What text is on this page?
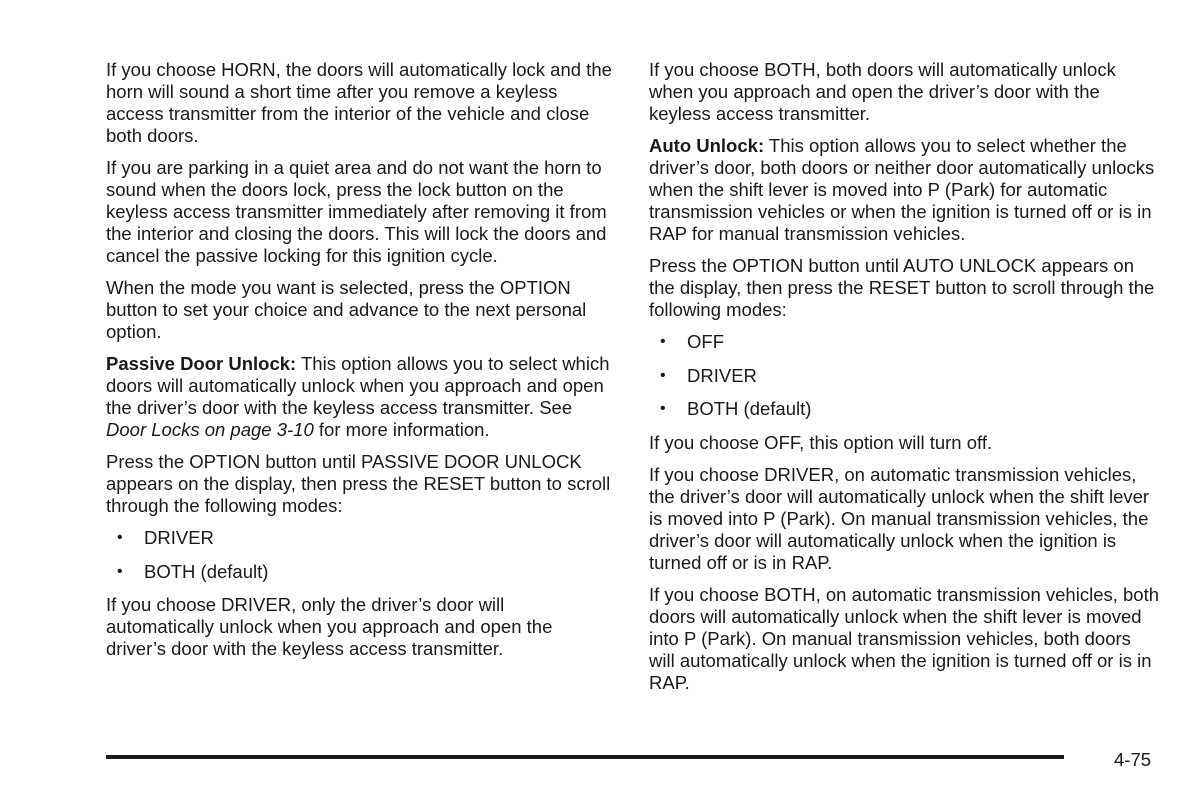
If you choose HORN, the doors will automatically lock and the horn will sound a short time after you remove a keyless access transmitter from the interior of the vehicle and close both doors.

If you are parking in a quiet area and do not want the horn to sound when the doors lock, press the lock button on the keyless access transmitter immediately after removing it from the interior and closing the doors. This will lock the doors and cancel the passive locking for this ignition cycle.

When the mode you want is selected, press the OPTION button to set your choice and advance to the next personal option.

Passive Door Unlock: This option allows you to select which doors will automatically unlock when you approach and open the driver’s door with the keyless access transmitter. See Door Locks on page 3-10 for more information.

Press the OPTION button until PASSIVE DOOR UNLOCK appears on the display, then press the RESET button to scroll through the following modes:

• DRIVER
• BOTH (default)

If you choose DRIVER, only the driver’s door will automatically unlock when you approach and open the driver’s door with the keyless access transmitter.

If you choose BOTH, both doors will automatically unlock when you approach and open the driver’s door with the keyless access transmitter.

Auto Unlock: This option allows you to select whether the driver’s door, both doors or neither door automatically unlocks when the shift lever is moved into P (Park) for automatic transmission vehicles or when the ignition is turned off or is in RAP for manual transmission vehicles.

Press the OPTION button until AUTO UNLOCK appears on the display, then press the RESET button to scroll through the following modes:

• OFF
• DRIVER
• BOTH (default)

If you choose OFF, this option will turn off.

If you choose DRIVER, on automatic transmission vehicles, the driver’s door will automatically unlock when the shift lever is moved into P (Park). On manual transmission vehicles, the driver’s door will automatically unlock when the ignition is turned off or is in RAP.

If you choose BOTH, on automatic transmission vehicles, both doors will automatically unlock when the shift lever is moved into P (Park). On manual transmission vehicles, both doors will automatically unlock when the ignition is turned off or is in RAP.

4-75
